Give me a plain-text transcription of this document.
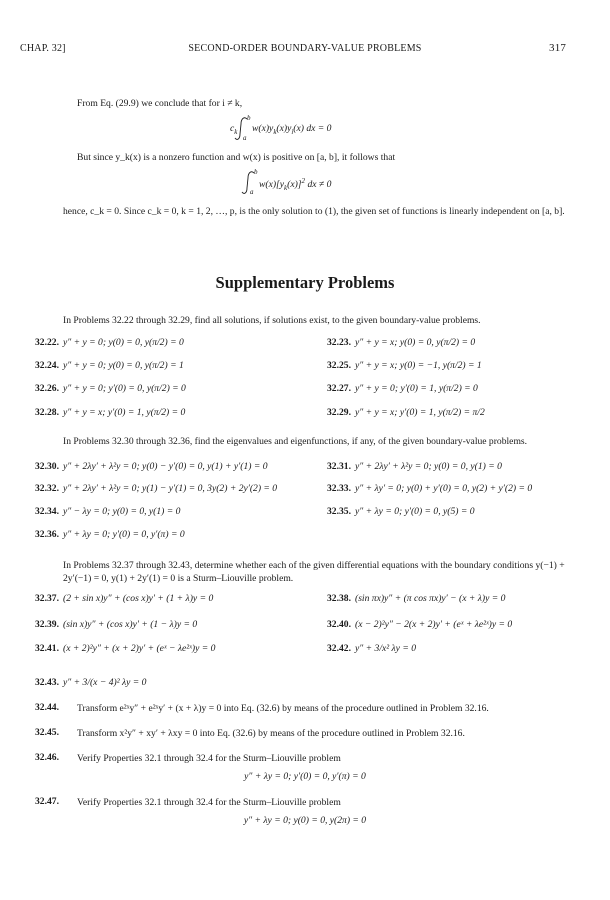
CHAP. 32]	SECOND-ORDER BOUNDARY-VALUE PROBLEMS	317
From Eq. (29.9) we conclude that for i ≠ k,
$c_k$
b
a
$w(x)y_k(x)y_i(x)$ dx = 0
But since y_k(x) is a nonzero function and w(x) is positive on [a, b], it follows that
b
a
$w(x)[y_k(x)]^2$ dx ≠ 0
hence, c_k = 0. Since c_k = 0, k = 1, 2, …, p, is the only solution to (1), the given set of functions is linearly independent on [a, b].
Supplementary Problems
In Problems 32.22 through 32.29, find all solutions, if solutions exist, to the given boundary-value problems.
32.22. y″ + y = 0; y(0) = 0, y(π/2) = 0	32.23. y″ + y = x; y(0) = 0, y(π/2) = 0
32.24. y″ + y = 0; y(0) = 0, y(π/2) = 1	32.25. y″ + y = x; y(0) = −1, y(π/2) = 1
32.26. y″ + y = 0; y′(0) = 0, y(π/2) = 0	32.27. y″ + y = 0; y′(0) = 1, y(π/2) = 0
32.28. y″ + y = x; y′(0) = 1, y(π/2) = 0	32.29. y″ + y = x; y′(0) = 1, y(π/2) = π/2
In Problems 32.30 through 32.36, find the eigenvalues and eigenfunctions, if any, of the given boundary-value problems.
32.30. y″ + 2λy′ + λ²y = 0; y(0) − y′(0) = 0, y(1) + y′(1) = 0	32.31. y″ + 2λy′ + λ²y = 0; y(0) = 0, y(1) = 0
32.32. y″ + 2λy′ + λ²y = 0; y(1) − y′(1) = 0, 3y(2) + 2y′(2) = 0	32.33. y″ + λy′ = 0; y(0) + y′(0) = 0, y(2) + y′(2) = 0
32.34. y″ − λy = 0; y(0) = 0, y(1) = 0	32.35. y″ + λy = 0; y′(0) = 0, y(5) = 0
32.36. y″ + λy = 0; y′(0) = 0, y′(π) = 0
In Problems 32.37 through 32.43, determine whether each of the given differential equations with the boundary conditions y(−1) + 2y′(−1) = 0, y(1) + 2y′(1) = 0 is a Sturm–Liouville problem.
32.37. (2 + sin x)y″ + (cos x)y′ + (1 + λ)y = 0	32.38. (sin πx)y″ + (π cos πx)y′ − (x + λ)y = 0
32.39. (sin x)y″ + (cos x)y′ + (1 − λ)y = 0	32.40. (x − 2)²y″ − 2(x + 2)y′ + (eˣ + λe²ˣ)y = 0
32.41. (x + 2)²y″ + (x + 2)y′ + (eˣ − λe²ˣ)y = 0	32.42. y″ + 3/x² λy = 0
32.43. y″ + 3/(x − 4)² λy = 0
32.44. Transform e²ˣy″ + e²ˣy′ + (x + λ)y = 0 into Eq. (32.6) by means of the procedure outlined in Problem 32.16.
32.45. Transform x²y″ + xy′ + λxy = 0 into Eq. (32.6) by means of the procedure outlined in Problem 32.16.
32.46. Verify Properties 32.1 through 32.4 for the Sturm–Liouville problem
y″ + λy = 0; y′(0) = 0, y′(π) = 0
32.47. Verify Properties 32.1 through 32.4 for the Sturm–Liouville problem
y″ + λy = 0; y(0) = 0, y(2π) = 0
